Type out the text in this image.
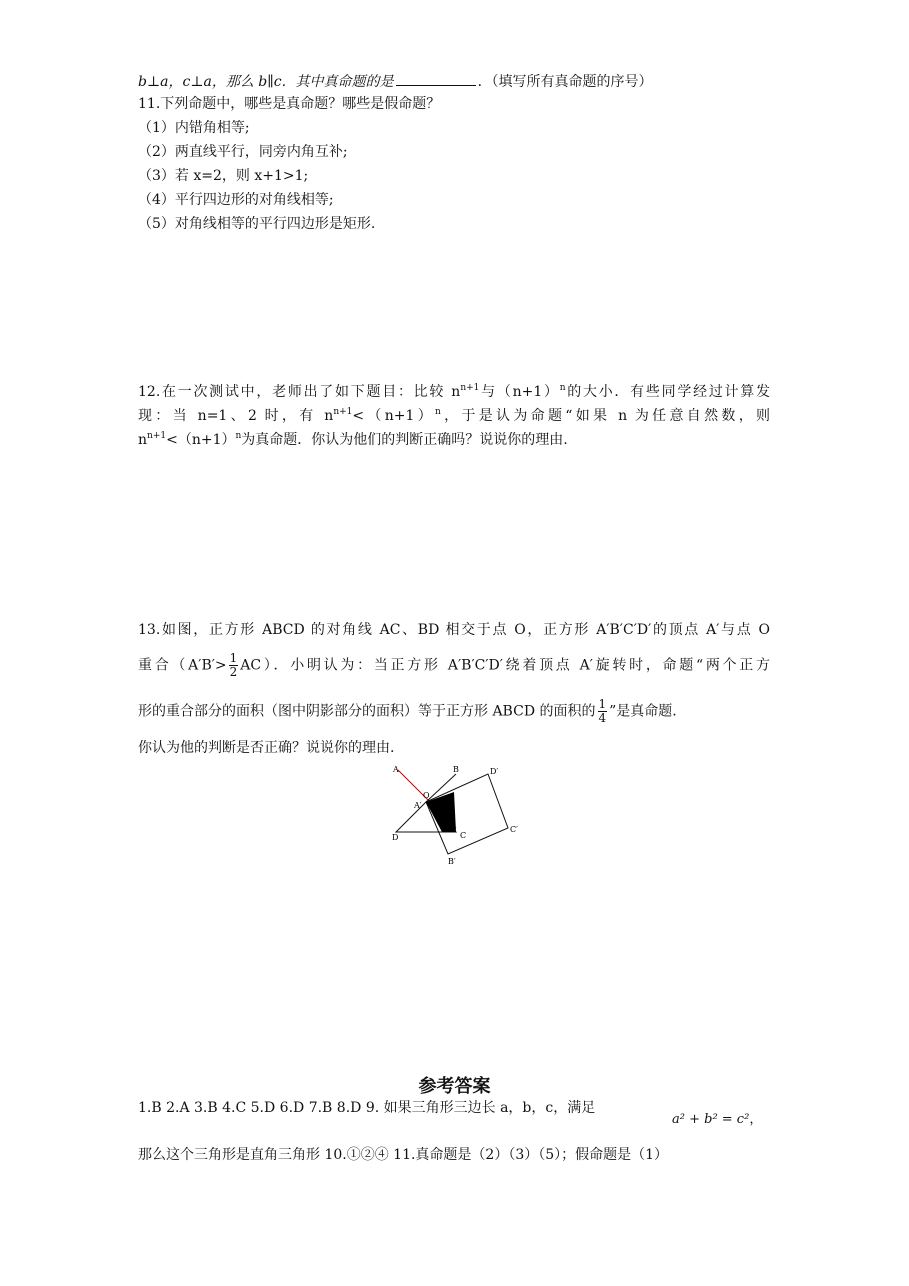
b⊥a，c⊥a，那么 b∥c．其中真命题的是	．（填写所有真命题的序号）
11.下列命题中，哪些是真命题？哪些是假命题？
（1）内错角相等;
（2）两直线平行，同旁内角互补;
（3）若 x=2，则 x+1>1;
（4）平行四边形的对角线相等;
（5）对角线相等的平行四边形是矩形.
12.在一次测试中，老师出了如下题目：比较 $n^{n+1}$与$(n+1)^n$的大小．有些同学经过计算发
现：当 n=1、2 时，有 $n^{n+1}<(n+1)^n$，于是认为命题“如果 n 为任意自然数，则
$n^{n+1}<(n+1)^n$为真命题．你认为他们的判断正确吗？说说你的理由.
13.如图，正方形 ABCD 的对角线 AC、BD 相交于点 O，正方形 A′B′C′D′的顶点 A′与点 O
重合$(A'B'> \frac{1}{2} AC)$．小明认为：当正方形 A′B′C′D′绕着顶点 A′旋转时，命题“两个正方
形的重合部分的面积（图中阴影部分的面积）等于正方形 ABCD 的面积的 $\frac{1}{4}$ ”是真命题.
你认为他的判断是否正确？说说你的理由.
A	B	D′
A′
O
C
C′
D
B′
参考答案
1.B 2.A 3.B 4.C 5.D 6.D 7.B 8.D 9. 如果三角形三边长 a，b，c，满足
a² + b² = c²，
那么这个三角形是直角三角形 10.①②④ 11.真命题是（2）（3）（5）；假命题是（1）
